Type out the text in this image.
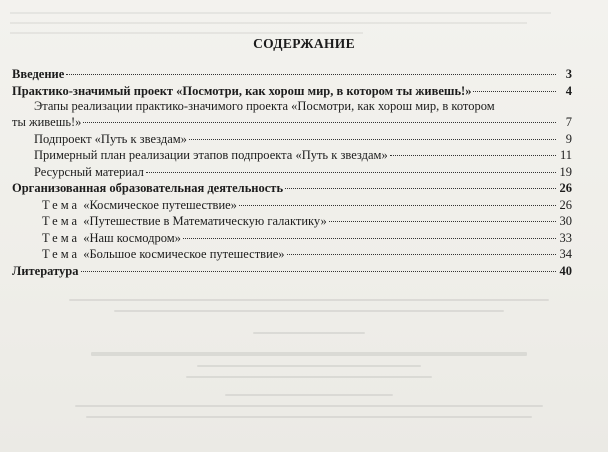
СОДЕРЖАНИЕ
Введение	3
Практико-значимый проект «Посмотри, как хорош мир, в котором ты живешь!»	4
Этапы реализации практико-значимого проекта «Посмотри, как хорош мир, в котором
ты живешь!»	7
Подпроект «Путь к звездам»	9
Примерный план реализации этапов подпроекта «Путь к звездам»	11
Ресурсный материал	19
Организованная образовательная деятельность	26
Тема «Космическое путешествие»	26
Тема «Путешествие в Математическую галактику»	30
Тема «Наш космодром»	33
Тема «Большое космическое путешествие»	34
Литература	40
